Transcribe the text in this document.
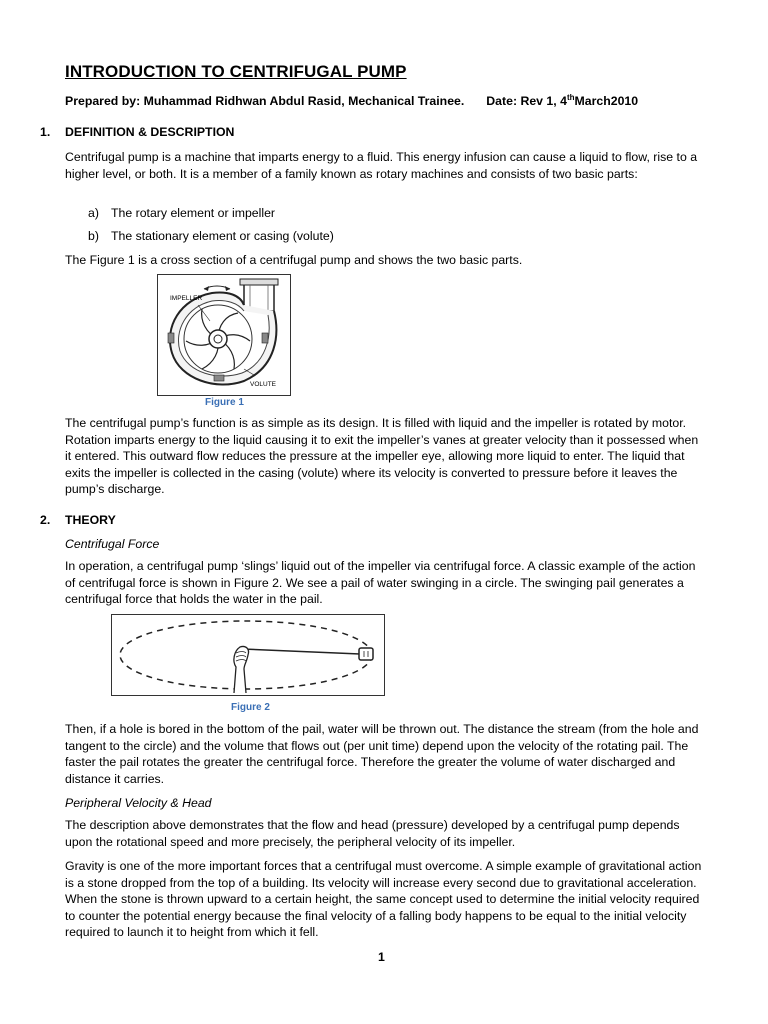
INTRODUCTION TO CENTRIFUGAL PUMP
Prepared by: Muhammad Ridhwan Abdul Rasid, Mechanical Trainee. Date: Rev 1, 4thMarch2010
1. DEFINITION & DESCRIPTION
Centrifugal pump is a machine that imparts energy to a fluid. This energy infusion can cause a liquid to flow, rise to a higher level, or both. It is a member of a family known as rotary machines and consists of two basic parts:
a) The rotary element or impeller
b) The stationary element or casing (volute)
The Figure 1 is a cross section of a centrifugal pump and shows the two basic parts.
IMPELLER
VOLUTE
Figure 1
The centrifugal pump’s function is as simple as its design. It is filled with liquid and the impeller is rotated by motor. Rotation imparts energy to the liquid causing it to exit the impeller’s vanes at greater velocity than it possessed when it entered. This outward flow reduces the pressure at the impeller eye, allowing more liquid to enter. The liquid that exits the impeller is collected in the casing (volute) where its velocity is converted to pressure before it leaves the pump’s discharge.
2. THEORY
Centrifugal Force
In operation, a centrifugal pump ‘slings’ liquid out of the impeller via centrifugal force. A classic example of the action of centrifugal force is shown in Figure 2. We see a pail of water swinging in a circle. The swinging pail generates a centrifugal force that holds the water in the pail.
Figure 2
Then, if a hole is bored in the bottom of the pail, water will be thrown out. The distance the stream (from the hole and tangent to the circle) and the volume that flows out (per unit time) depend upon the velocity of the rotating pail. The faster the pail rotates the greater the centrifugal force. Therefore the greater the volume of water discharged and distance it carries.
Peripheral Velocity & Head
The description above demonstrates that the flow and head (pressure) developed by a centrifugal pump depends upon the rotational speed and more precisely, the peripheral velocity of its impeller.
Gravity is one of the more important forces that a centrifugal must overcome. A simple example of gravitational action is a stone dropped from the top of a building. Its velocity will increase every second due to gravitational acceleration. When the stone is thrown upward to a certain height, the same concept used to determine the initial velocity required to counter the potential energy because the final velocity of a falling body happens to be equal to the initial velocity required to launch it to height from which it fell.
1
